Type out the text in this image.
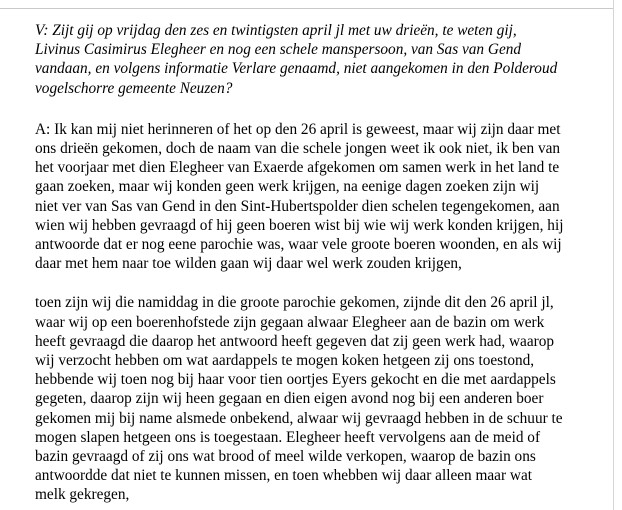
V: Zijt gij op vrijdag den zes en twintigsten april jl met uw drieën, te weten gij,
Livinus Casimirus Elegheer en nog een schele manspersoon, van Sas van Gend
vandaan, en volgens informatie Verlare genaamd, niet aangekomen in den Polderoud
vogelschorre gemeente Neuzen?

A: Ik kan mij niet herinneren of het op den 26 april is geweest, maar wij zijn daar met
ons drieën gekomen, doch de naam van die schele jongen weet ik ook niet, ik ben van
het voorjaar met dien Elegheer van Exaerde afgekomen om samen werk in het land te
gaan zoeken, maar wij konden geen werk krijgen, na eenige dagen zoeken zijn wij
niet ver van Sas van Gend in den Sint-Hubertspolder dien schelen tegengekomen, aan
wien wij hebben gevraagd of hij geen boeren wist bij wie wij werk konden krijgen, hij
antwoorde dat er nog eene parochie was, waar vele groote boeren woonden, en als wij
daar met hem naar toe wilden gaan wij daar wel werk zouden krijgen,

toen zijn wij die namiddag in die groote parochie gekomen, zijnde dit den 26 april jl,
waar wij op een boerenhofstede zijn gegaan alwaar Elegheer aan de bazin om werk
heeft gevraagd die daarop het antwoord heeft gegeven dat zij geen werk had, waarop
wij verzocht hebben om wat aardappels te mogen koken hetgeen zij ons toestond,
hebbende wij toen nog bij haar voor tien oortjes Eyers gekocht en die met aardappels
gegeten, daarop zijn wij heen gegaan en dien eigen avond nog bij een anderen boer
gekomen mij bij name alsmede onbekend, alwaar wij gevraagd hebben in de schuur te
mogen slapen hetgeen ons is toegestaan. Elegheer heeft vervolgens aan de meid of
bazin gevraagd of zij ons wat brood of meel wilde verkopen, waarop de bazin ons
antwoordde dat niet te kunnen missen, en toen whebben wij daar alleen maar wat
melk gekregen,
